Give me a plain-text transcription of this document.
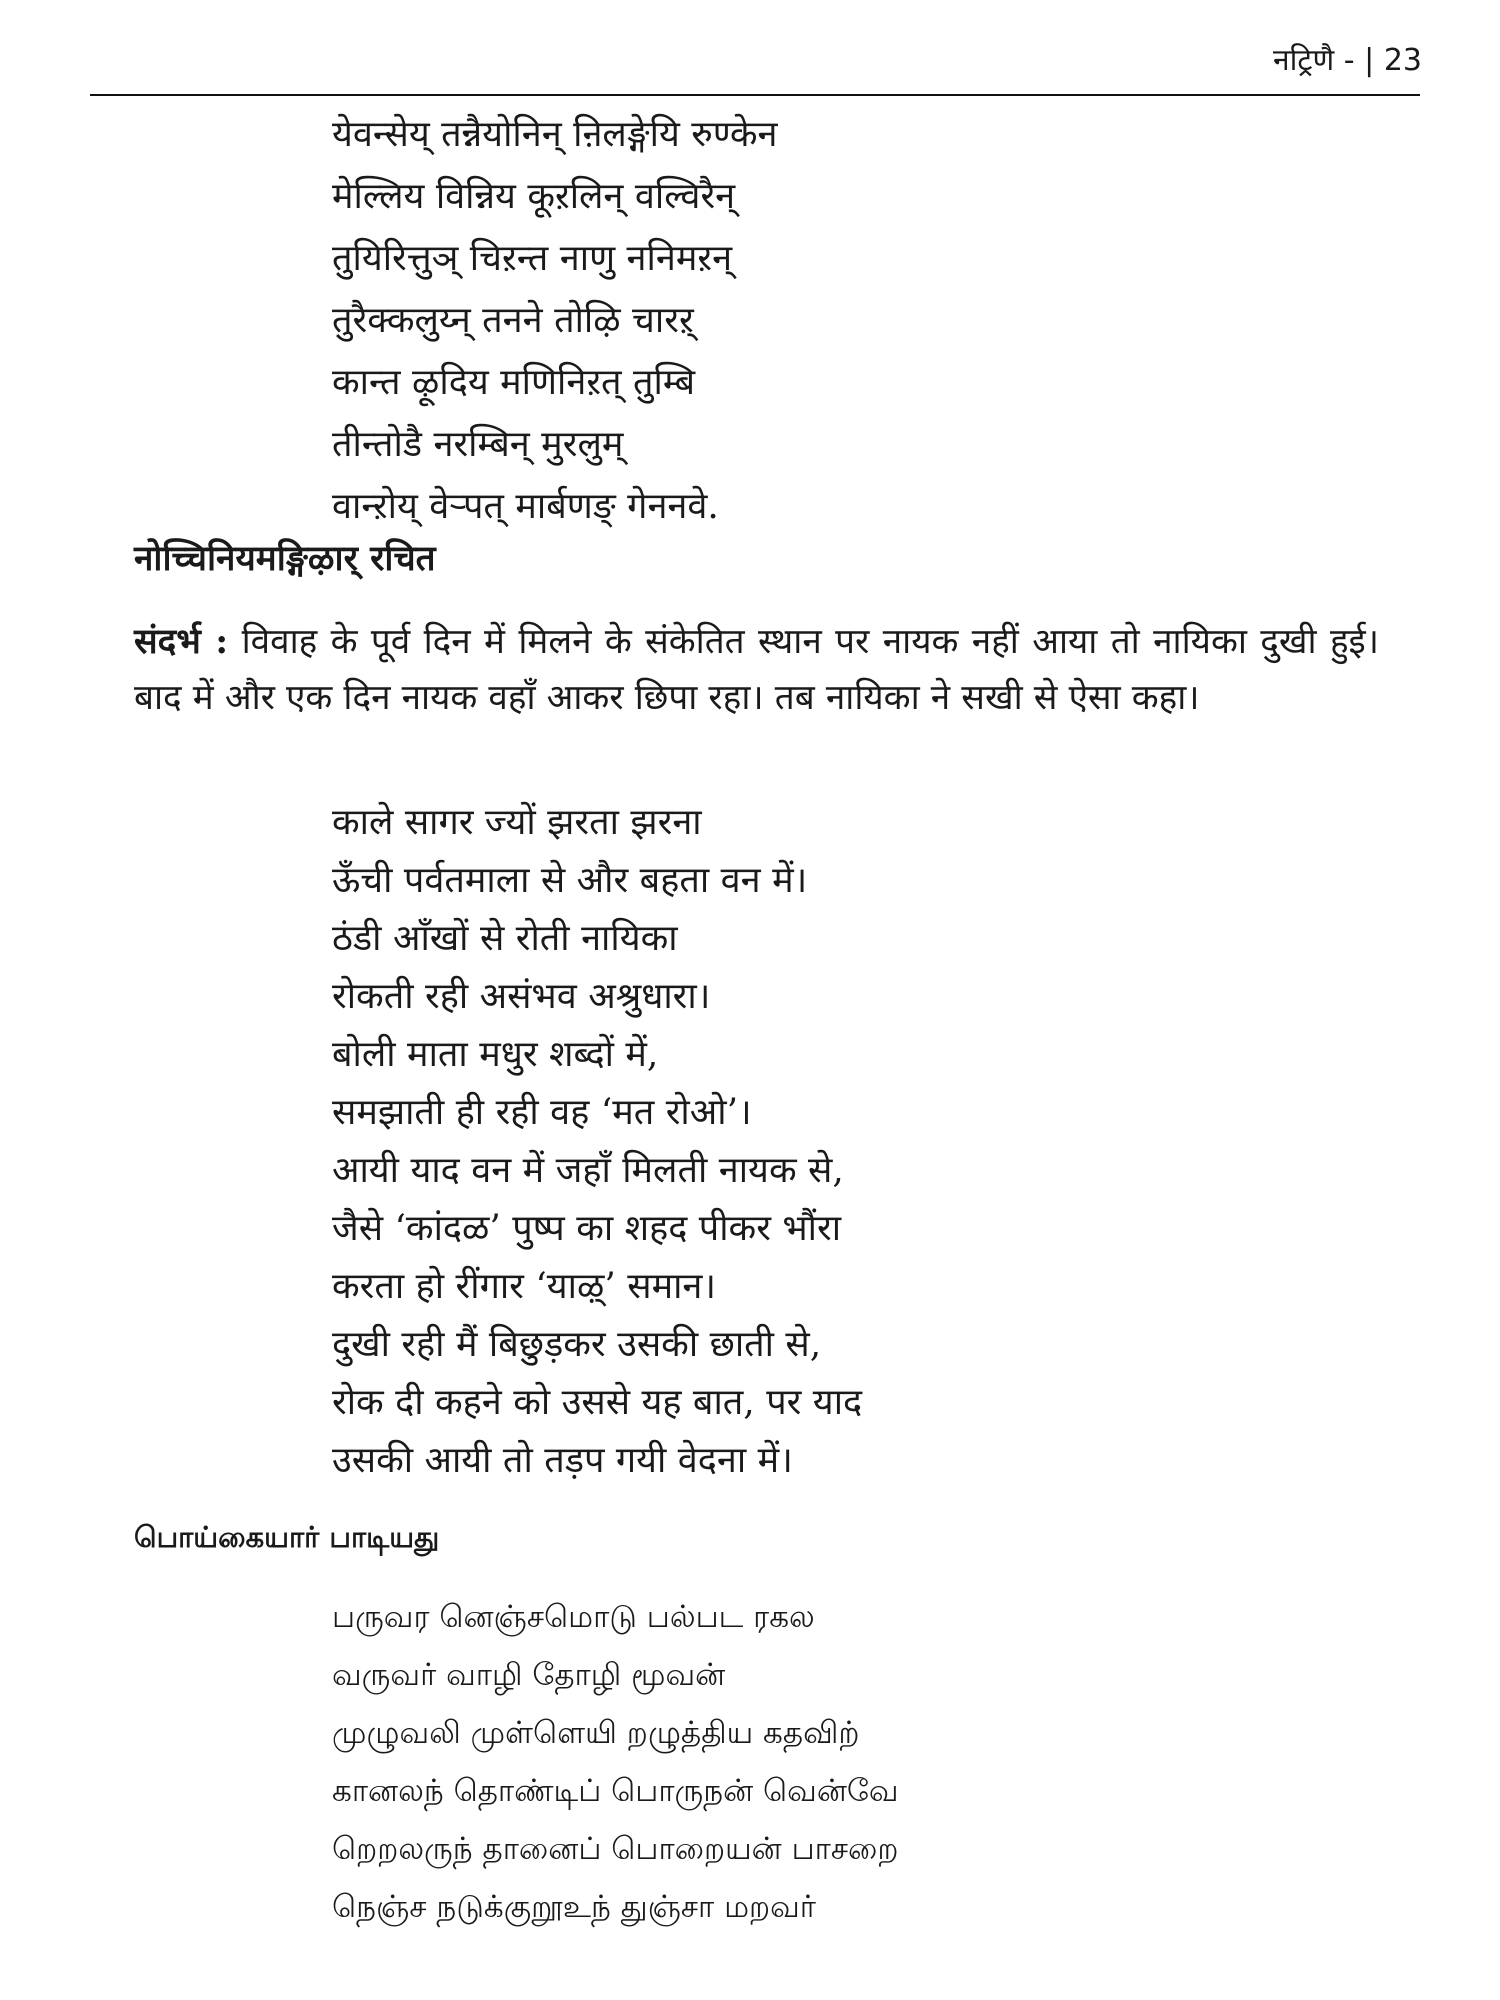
नट्रिणै - | 23
येवन्सेय् तन्नैयोनिन् ऩिलङ्गेयि रुण्केन
मेल्लिय विन्निय कूऱलिन् वल्विरैन्
तुयिरित्तुञ् चिऱन्त नाणु ननिमऱन्
तुरैक्कलुय्न् तनने तोऴि चारऱ्
कान्त ऴूदिय मणिनिऱत् तुम्बि
तीन्तोडै नरम्बिन् मुरलुम्
वान्ऱोय् वेऱ्पत् मार्बणङ् गेननवे.
नोच्चिनियमङ्गिऴार् रचित

संदर्भ : विवाह के पूर्व दिन में मिलने के संकेतित स्थान पर नायक नहीं आया तो नायिका दुखी हुई। बाद में और एक दिन नायक वहाँ आकर छिपा रहा। तब नायिका ने सखी से ऐसा कहा।

काले सागर ज्यों झरता झरना
ऊँची पर्वतमाला से और बहता वन में।
ठंडी आँखों से रोती नायिका
रोकती रही असंभव अश्रुधारा।
बोली माता मधुर शब्दों में,
समझाती ही रही वह ‘मत रोओ’।
आयी याद वन में जहाँ मिलती नायक से,
जैसे ‘कांदळ’ पुष्प का शहद पीकर भौंरा
करता हो रींगार ‘याऴ्’ समान।
दुखी रही मैं बिछुड़कर उसकी छाती से,
रोक दी कहने को उससे यह बात, पर याद
उसकी आयी तो तड़प गयी वेदना में।
பொய்கையார் பாடியது
பருவர னெஞ்சமொடு பல்பட ரகல
வருவர் வாழி தோழி மூவன்
முழுவலி முள்ளெயி றழுத்திய கதவிற்
கானலந் தொண்டிப் பொருநன் வென்வே
றெறலருந் தானைப் பொறையன் பாசறை
நெஞ்ச நடுக்குறூஉந் துஞ்சா மறவர்
